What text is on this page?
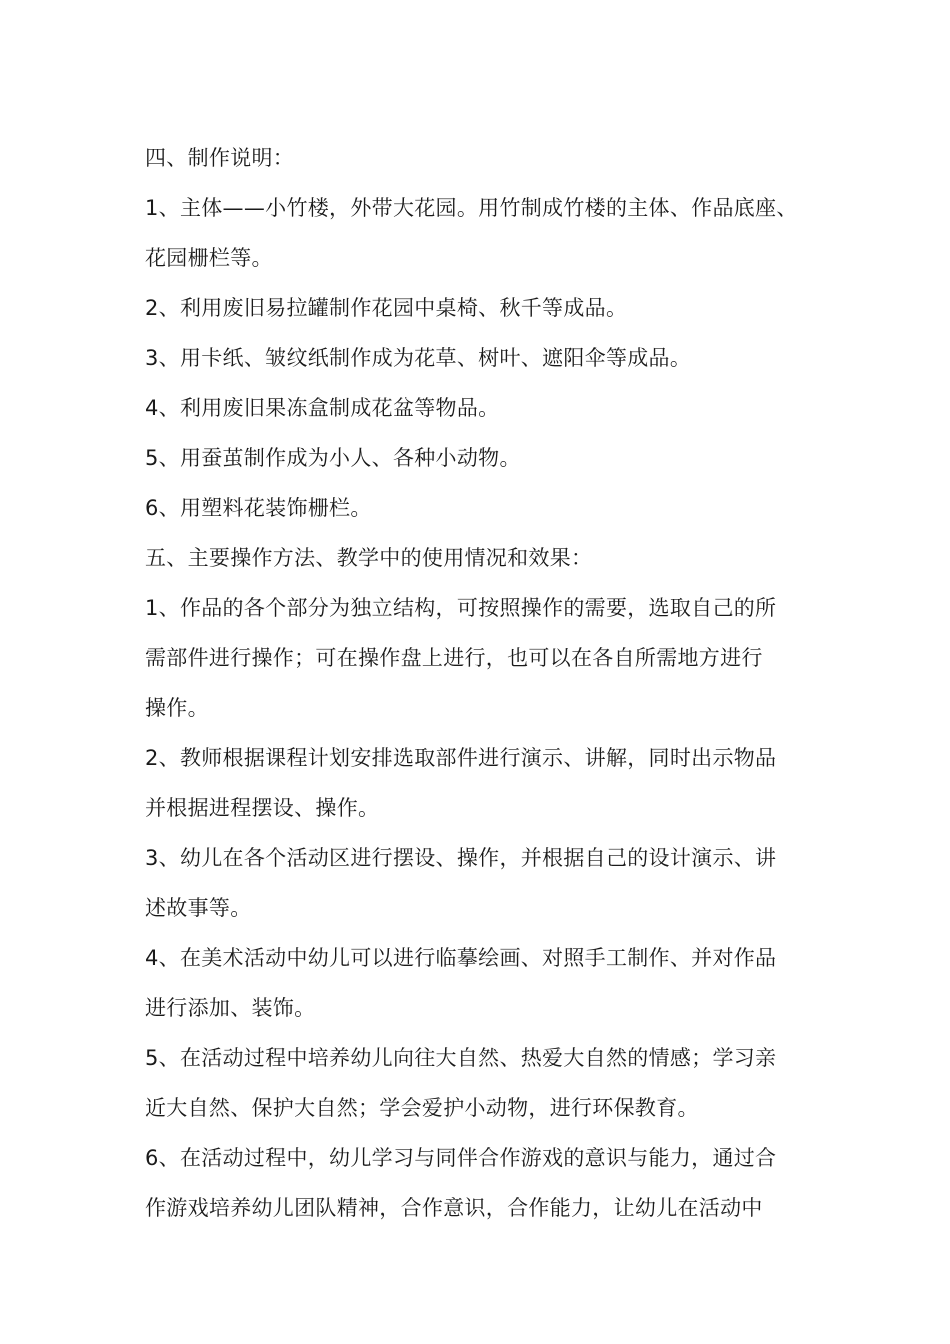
四、制作说明：
1、主体——小竹楼，外带大花园。用竹制成竹楼的主体、作品底座、
花园栅栏等。
2、利用废旧易拉罐制作花园中桌椅、秋千等成品。
3、用卡纸、皱纹纸制作成为花草、树叶、遮阳伞等成品。
4、利用废旧果冻盒制成花盆等物品。
5、用蚕茧制作成为小人、各种小动物。
6、用塑料花装饰栅栏。
五、主要操作方法、教学中的使用情况和效果：
1、作品的各个部分为独立结构，可按照操作的需要，选取自己的所
需部件进行操作；可在操作盘上进行，也可以在各自所需地方进行
操作。
2、教师根据课程计划安排选取部件进行演示、讲解，同时出示物品
并根据进程摆设、操作。
3、幼儿在各个活动区进行摆设、操作，并根据自己的设计演示、讲
述故事等。
4、在美术活动中幼儿可以进行临摹绘画、对照手工制作、并对作品
进行添加、装饰。
5、在活动过程中培养幼儿向往大自然、热爱大自然的情感；学习亲
近大自然、保护大自然；学会爱护小动物，进行环保教育。
6、在活动过程中，幼儿学习与同伴合作游戏的意识与能力，通过合
作游戏培养幼儿团队精神，合作意识，合作能力，让幼儿在活动中
